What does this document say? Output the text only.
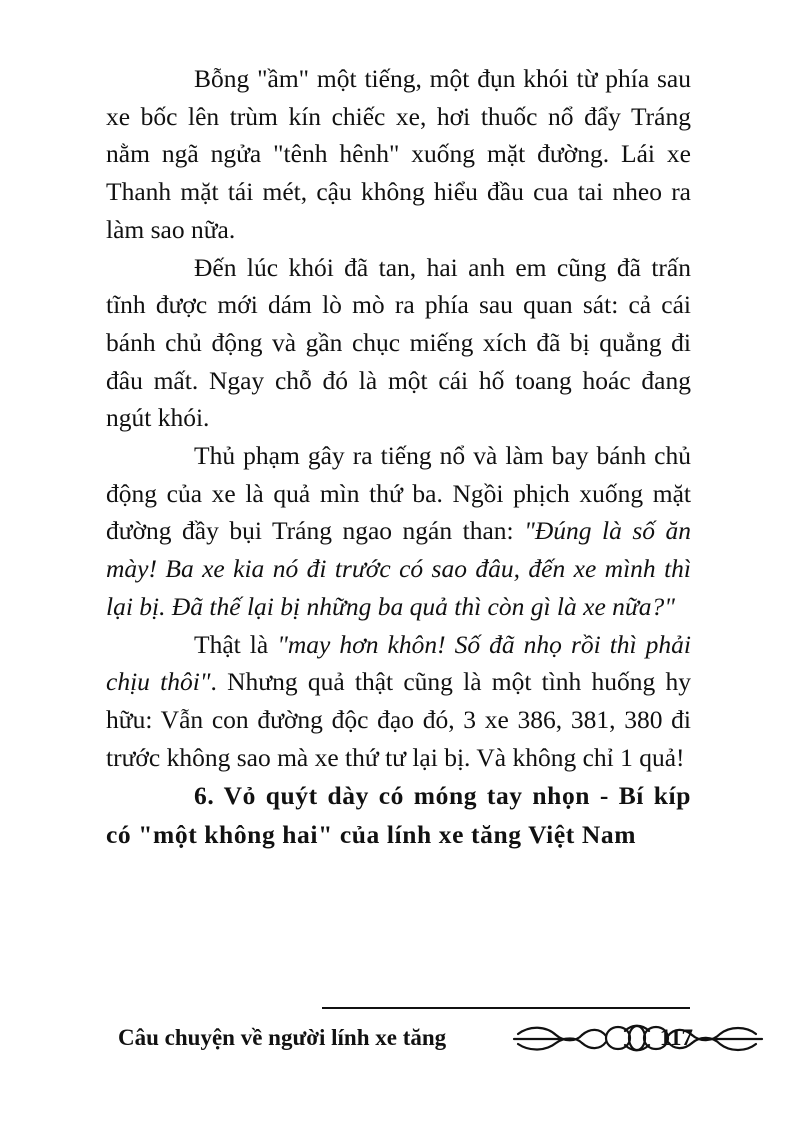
Bỗng "ầm" một tiếng, một đụn khói từ phía sau xe bốc lên trùm kín chiếc xe, hơi thuốc nổ đẩy Tráng nằm ngã ngửa "tênh hênh" xuống mặt đường. Lái xe Thanh mặt tái mét, cậu không hiểu đầu cua tai nheo ra làm sao nữa.

Đến lúc khói đã tan, hai anh em cũng đã trấn tĩnh được mới dám lò mò ra phía sau quan sát: cả cái bánh chủ động và gần chục miếng xích đã bị quẳng đi đâu mất. Ngay chỗ đó là một cái hố toang hoác đang ngút khói.

Thủ phạm gây ra tiếng nổ và làm bay bánh chủ động của xe là quả mìn thứ ba. Ngồi phịch xuống mặt đường đầy bụi Tráng ngao ngán than: "Đúng là số ăn mày! Ba xe kia nó đi trước có sao đâu, đến xe mình thì lại bị. Đã thế lại bị những ba quả thì còn gì là xe nữa?"

Thật là "may hơn khôn! Số đã nhọ rồi thì phải chịu thôi". Nhưng quả thật cũng là một tình huống hy hữu: Vẫn con đường độc đạo đó, 3 xe 386, 381, 380 đi trước không sao mà xe thứ tư lại bị. Và không chỉ 1 quả!

6. Vỏ quýt dày có móng tay nhọn - Bí kíp có "một không hai" của lính xe tăng Việt Nam

Câu chuyện về người lính xe tăng	117
